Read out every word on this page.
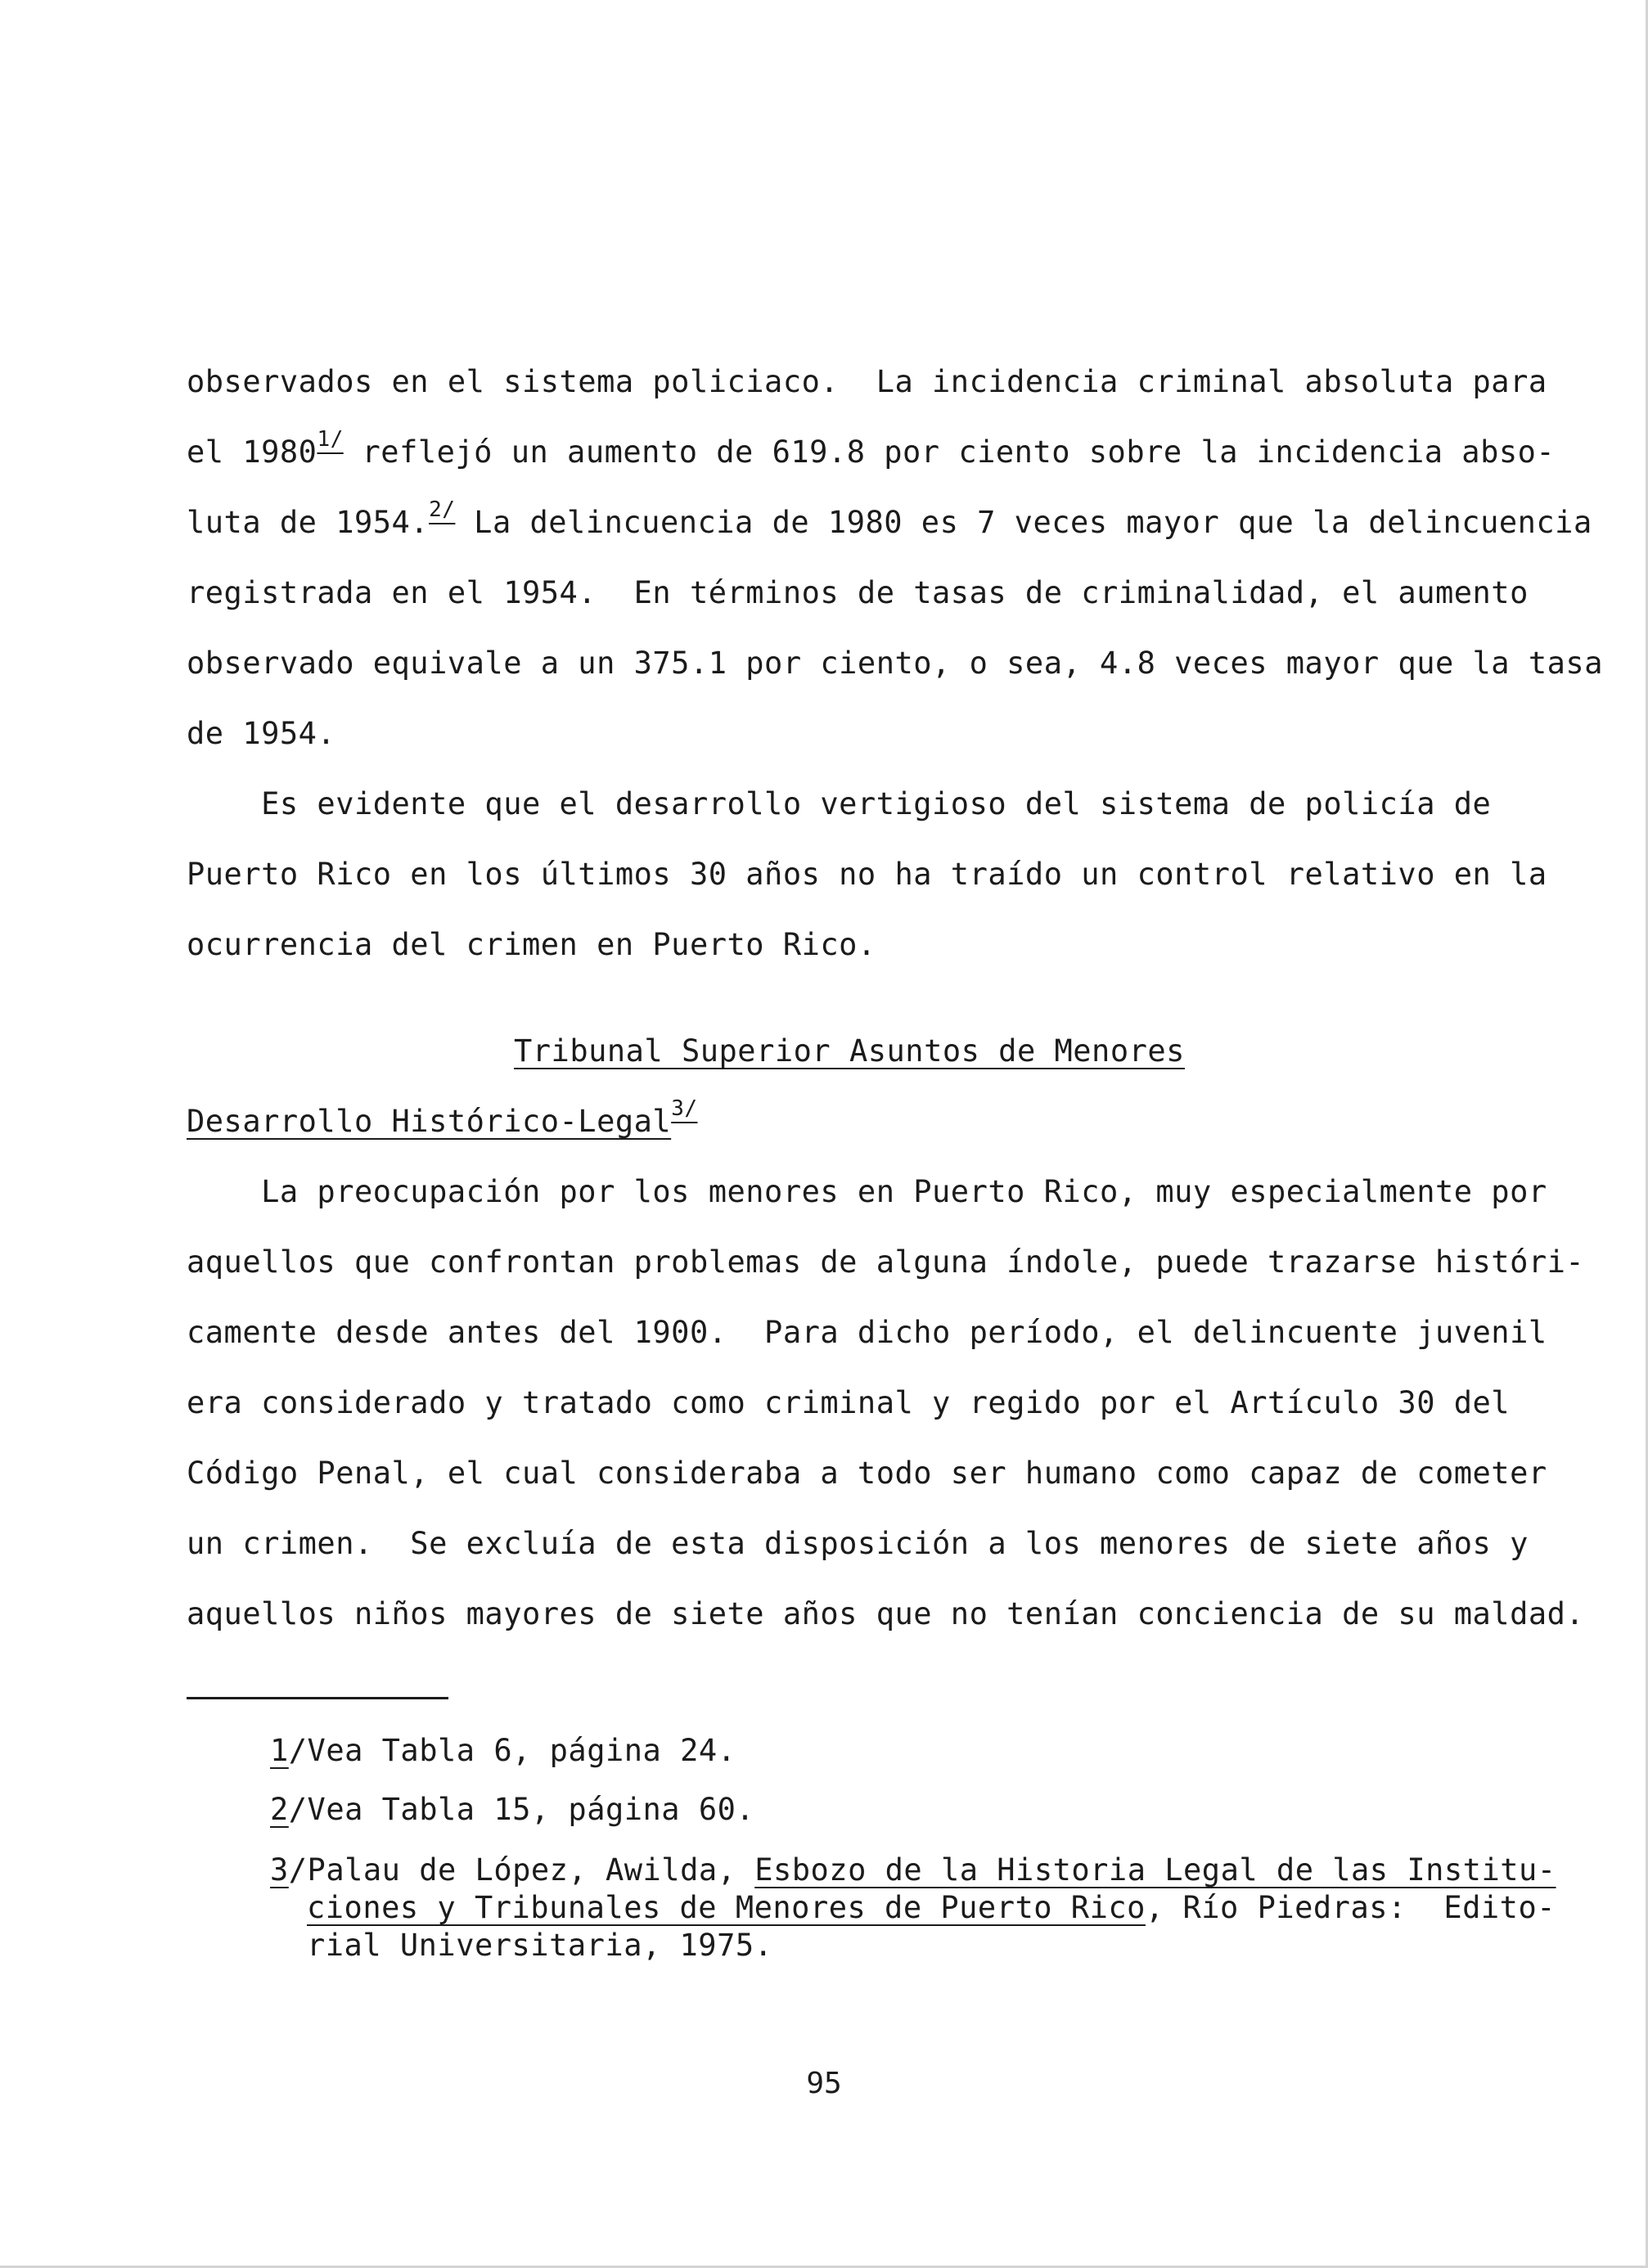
observados en el sistema policiaco.  La incidencia criminal absoluta para

el $1980^{1/}$ reflejó un aumento de 619.8 por ciento sobre la incidencia abso-

luta de 1954.$^{2/}$ La delincuencia de 1980 es 7 veces mayor que la delincuencia

registrada en el 1954.  En términos de tasas de criminalidad, el aumento

observado equivale a un 375.1 por ciento, o sea, 4.8 veces mayor que la tasa

de 1954.

Es evidente que el desarrollo vertigioso del sistema de policía de

Puerto Rico en los últimos 30 años no ha traído un control relativo en la

ocurrencia del crimen en Puerto Rico.

Tribunal Superior Asuntos de Menores

Desarrollo Histórico-Legal$^{3/}$

La preocupación por los menores en Puerto Rico, muy especialmente por

aquellos que confrontan problemas de alguna índole, puede trazarse históri-

camente desde antes del 1900.  Para dicho período, el delincuente juvenil

era considerado y tratado como criminal y regido por el Artículo 30 del

Código Penal, el cual consideraba a todo ser humano como capaz de cometer

un crimen.  Se excluía de esta disposición a los menores de siete años y

aquellos niños mayores de siete años que no tenían conciencia de su maldad.

1/Vea Tabla 6, página 24.

2/Vea Tabla 15, página 60.

3/Palau de López, Awilda, Esbozo de la Historia Legal de las Institu-

ciones y Tribunales de Menores de Puerto Rico, Río Piedras:  Edito-

rial Universitaria, 1975.

95
